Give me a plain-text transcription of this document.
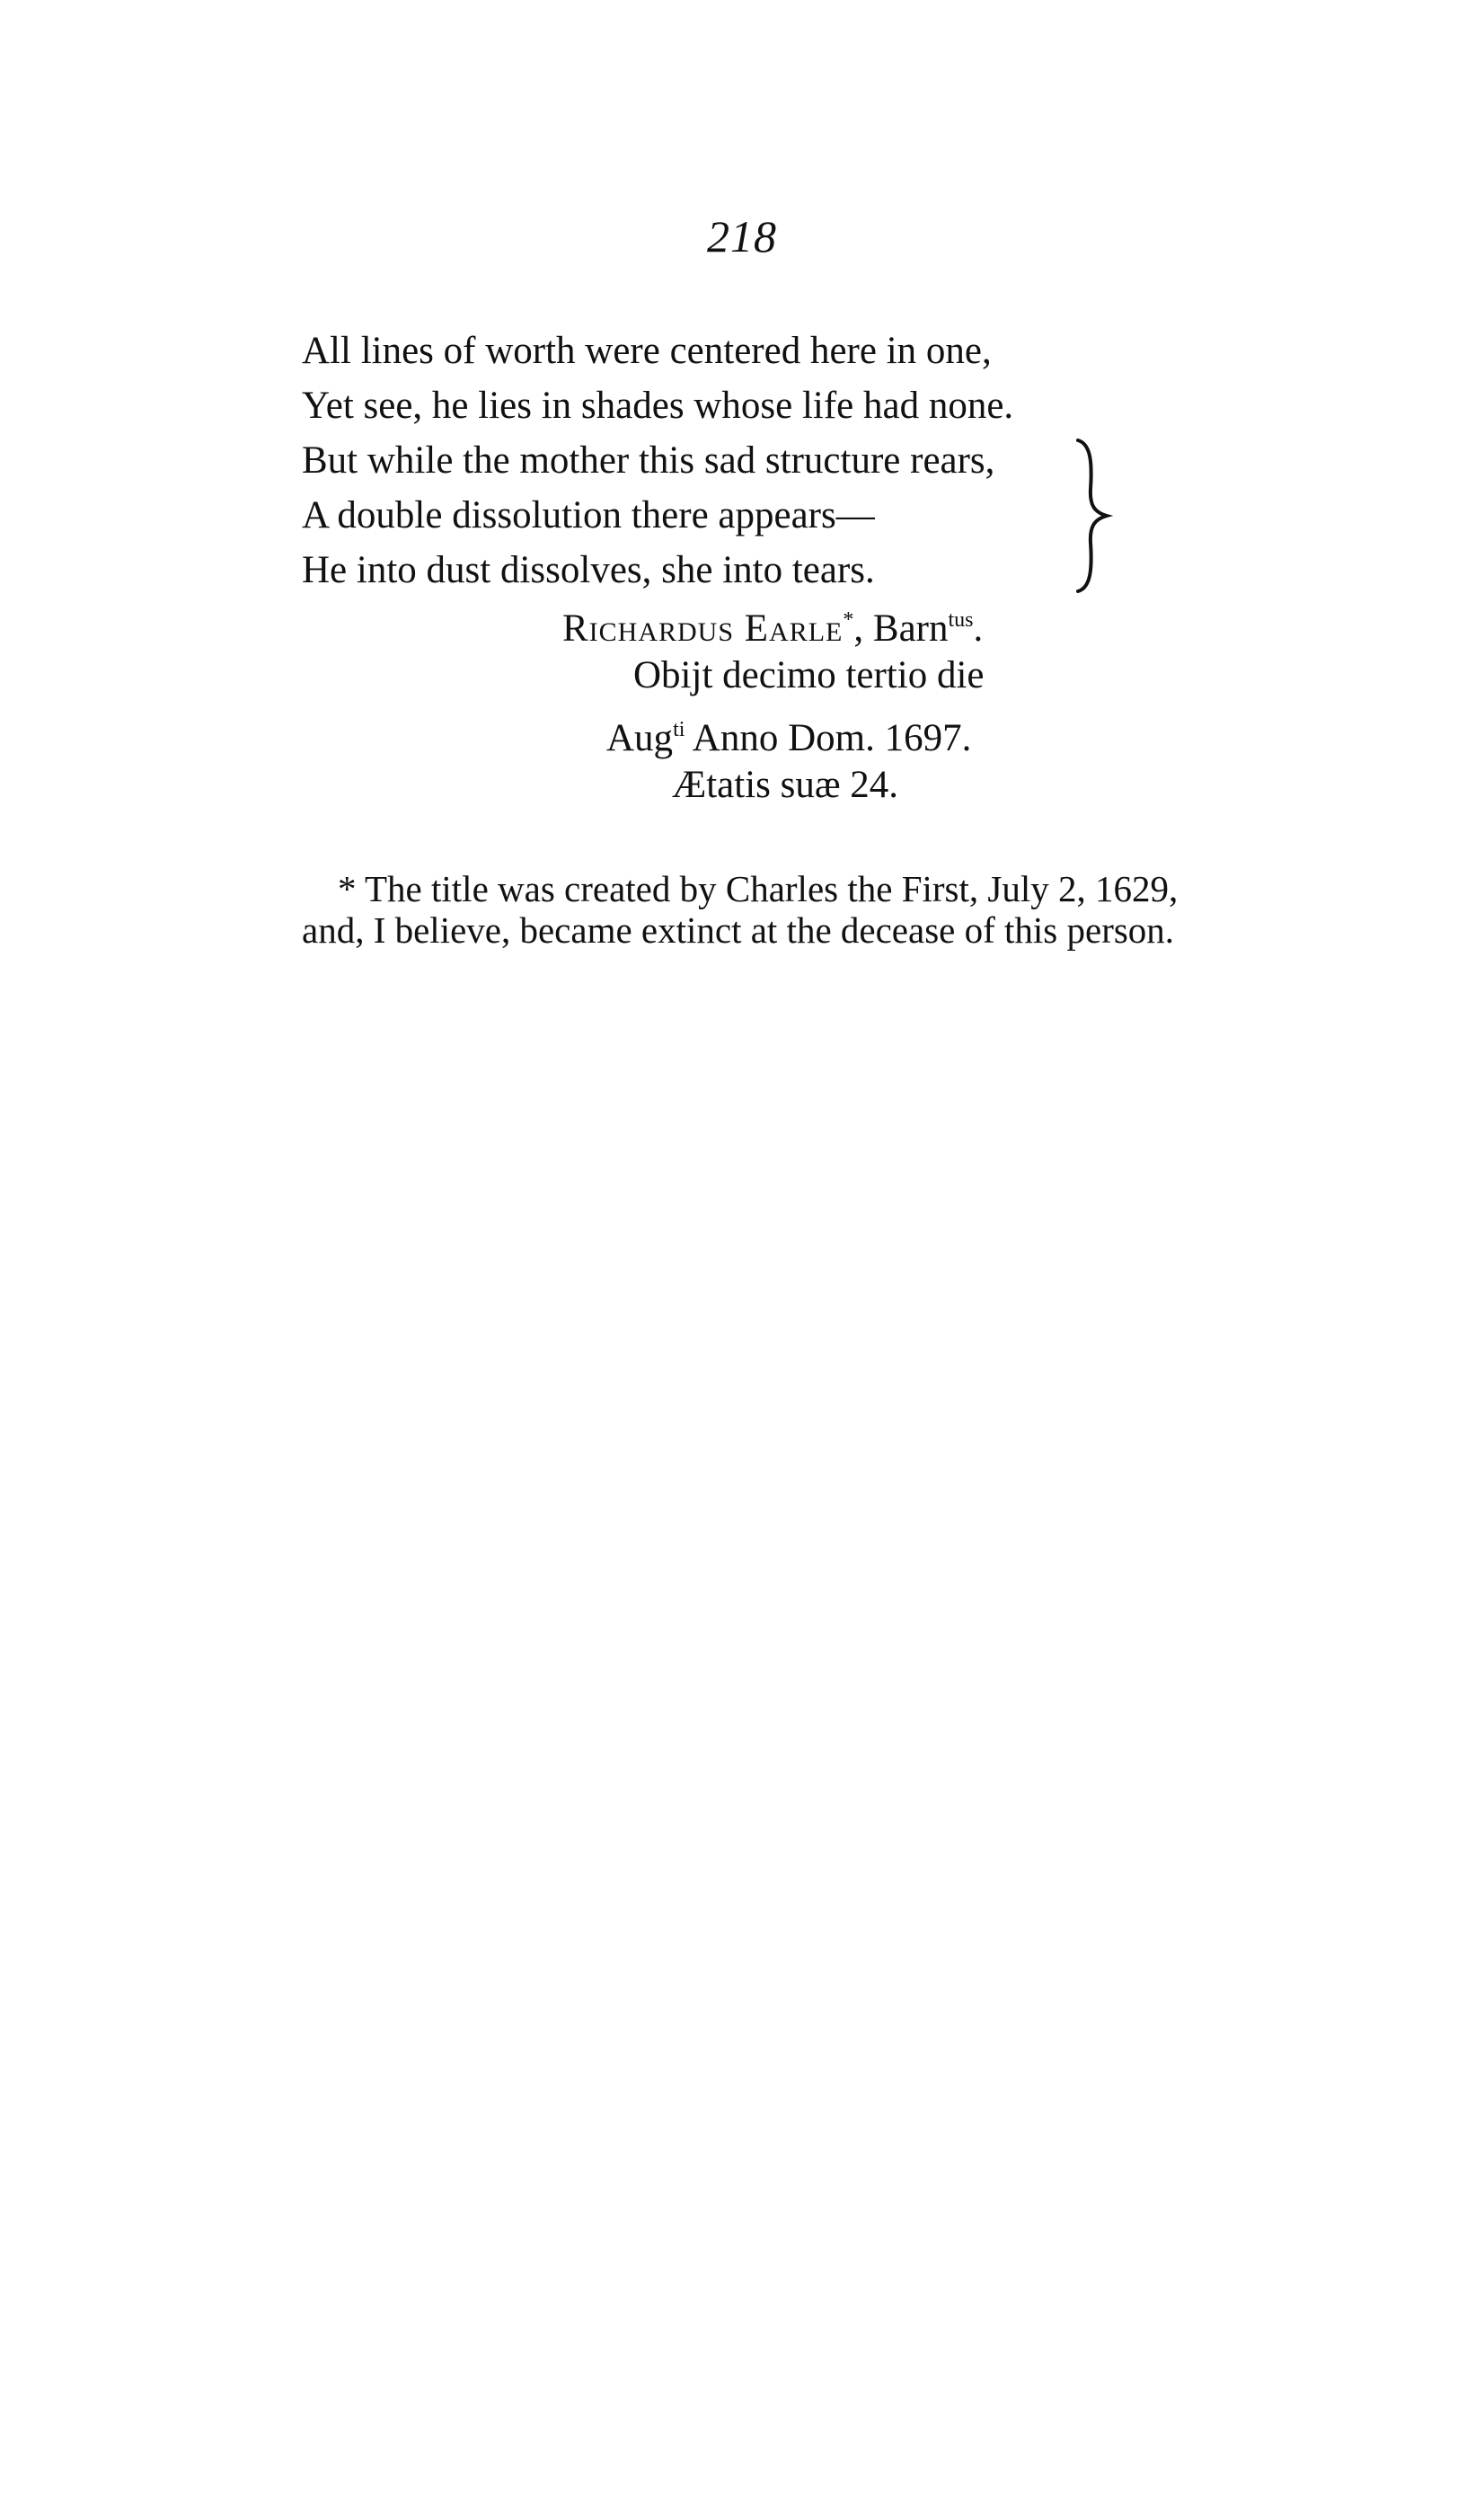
218
All lines of worth were centered here in one,
Yet see, he lies in shades whose life had none.
But while the mother this sad structure rears,
A double dissolution there appears—
He into dust dissolves, she into tears.
Richardus Earle*, Barn$^{tus}$.
Obijt decimo tertio die
Aug$^{ti}$ Anno Dom. 1697.
Ætatis suæ 24.
* The title was created by Charles the First, July 2, 1629,
and, I believe, became extinct at the decease of this person.
